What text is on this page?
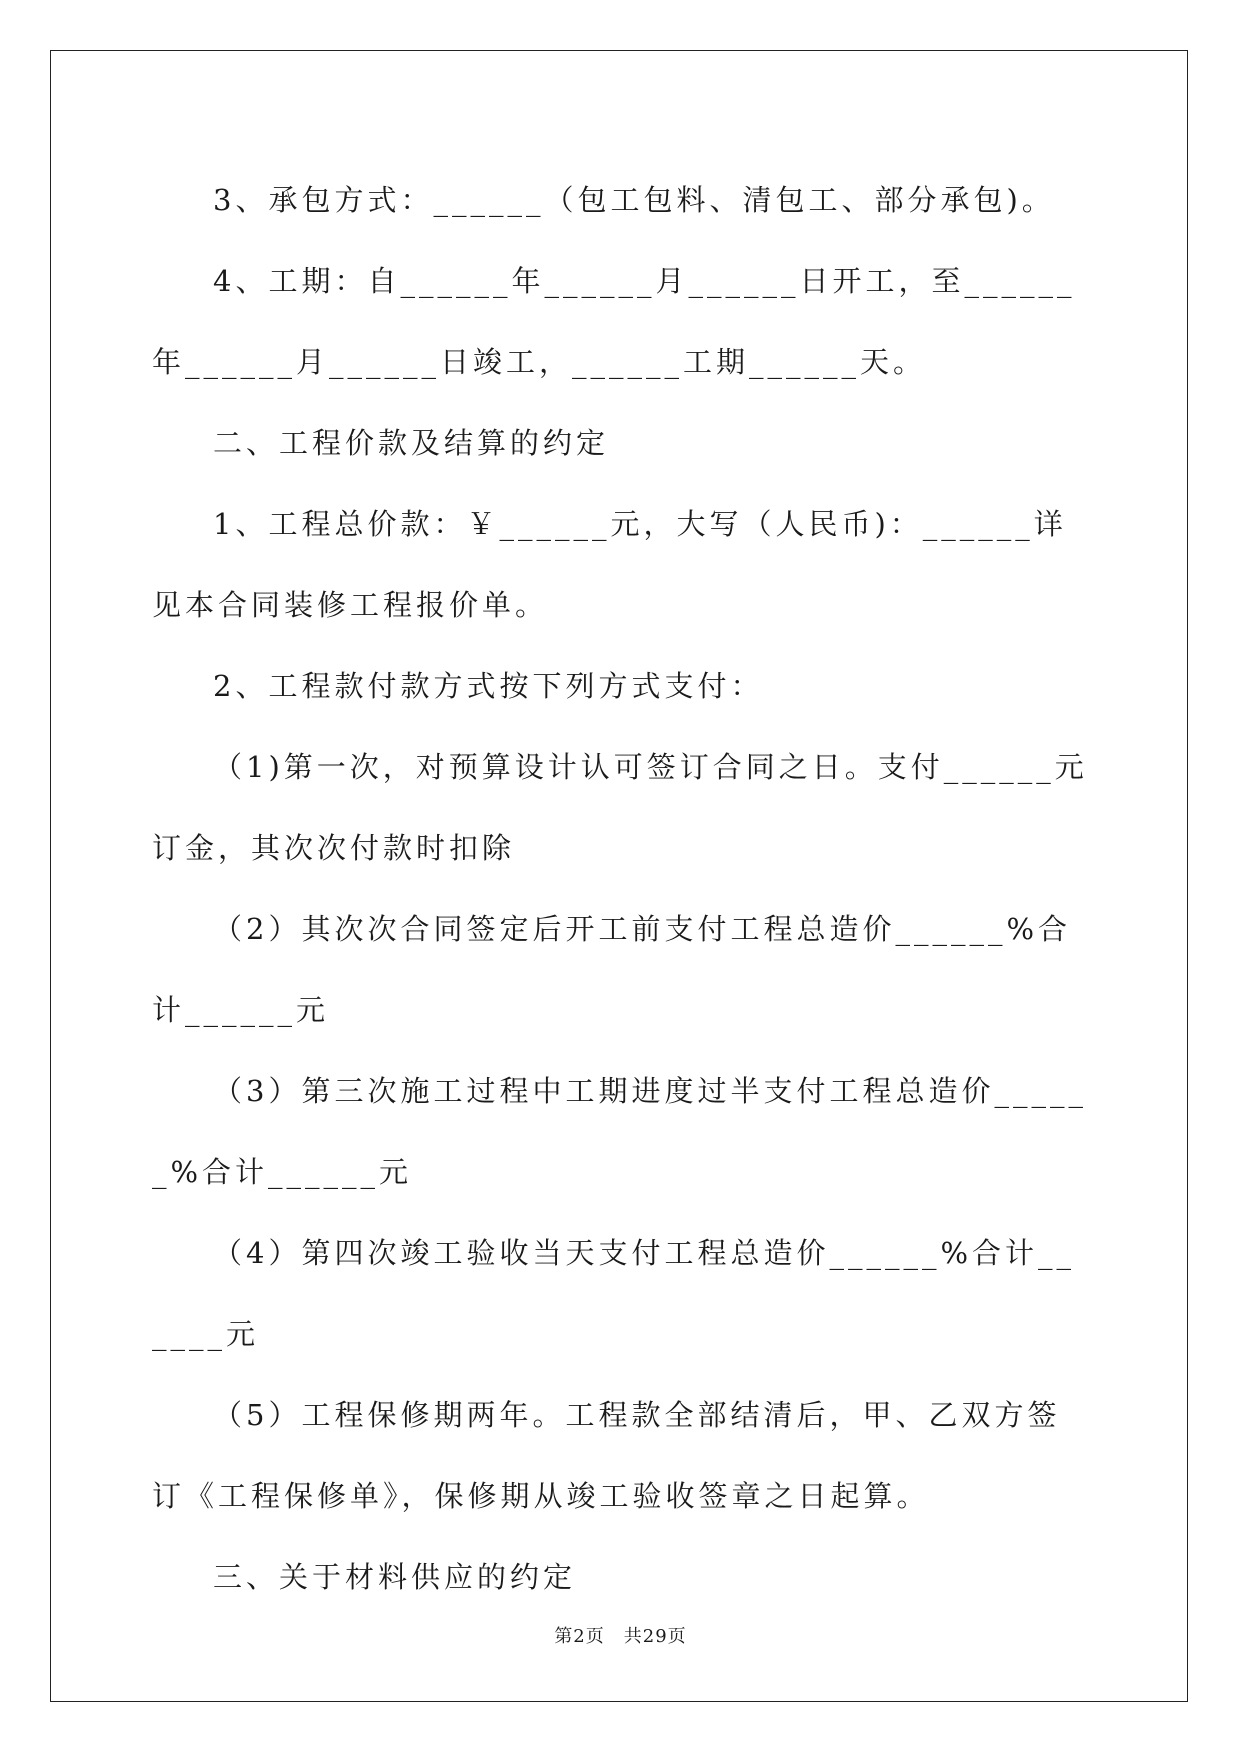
3、承包方式：______（包工包料、清包工、部分承包)。

4、工期：自______年______月______日开工，至______年______月______日竣工，______工期______天。

二、工程价款及结算的约定

1、工程总价款：￥______元，大写（人民币)：______详见本合同装修工程报价单。

2、工程款付款方式按下列方式支付：

（1)第一次，对预算设计认可签订合同之日。支付______元订金，其次次付款时扣除

（2）其次次合同签定后开工前支付工程总造价______%合计______元

（3）第三次施工过程中工期进度过半支付工程总造价______%合计______元

（4）第四次竣工验收当天支付工程总造价______%合计______元

（5）工程保修期两年。工程款全部结清后，甲、乙双方签订《工程保修单》，保修期从竣工验收签章之日起算。

三、关于材料供应的约定

第2页　共29页
